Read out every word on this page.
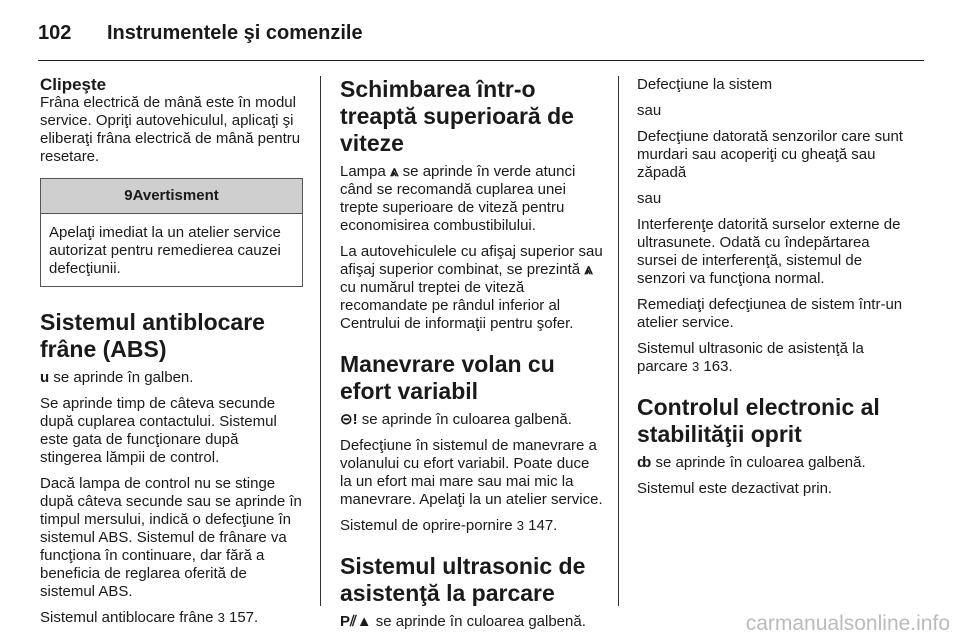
102 Instrumentele şi comenzile
Clipeşte

Frâna electrică de mână este în modul service. Opriţi autovehiculul, aplicaţi şi eliberaţi frâna electrică de mână pentru resetare.

9Avertisment
Apelaţi imediat la un atelier service autorizat pentru remedierea cauzei defecţiunii.
Sistemul antiblocare frâne (ABS)

u se aprinde în galben.

Se aprinde timp de câteva secunde după cuplarea contactului. Sistemul este gata de funcţionare după stingerea lămpii de control.

Dacă lampa de control nu se stinge după câteva secunde sau se aprinde în timpul mersului, indică o defecţiune în sistemul ABS. Sistemul de frânare va funcţiona în continuare, dar fără a beneficia de reglarea oferită de sistemul ABS.

Sistemul antiblocare frâne 3 157.

Schimbarea într-o treaptă superioară de viteze

Lampa ⩓ se aprinde în verde atunci când se recomandă cuplarea unei trepte superioare de viteză pentru economisirea combustibilului.

La autovehiculele cu afişaj superior sau afişaj superior combinat, se prezintă ⩓ cu numărul treptei de viteză recomandate pe rândul inferior al Centrului de informaţii pentru şofer.

Manevrare volan cu efort variabil

⊝! se aprinde în culoarea galbenă.

Defecţiune în sistemul de manevrare a volanului cu efort variabil. Poate duce la un efort mai mare sau mai mic la manevrare. Apelaţi la un atelier service.

Sistemul de oprire-pornire 3 147.

Sistemul ultrasonic de asistenţă la parcare

P⫽▲ se aprinde în culoarea galbenă.

Defecţiune la sistem

sau

Defecţiune datorată senzorilor care sunt murdari sau acoperiţi cu gheaţă sau zăpadă

sau

Interferenţe datorită surselor externe de ultrasunete. Odată cu îndepărtarea sursei de interferenţă, sistemul de senzori va funcţiona normal.

Remediaţi defecţiunea de sistem într-un atelier service.

Sistemul ultrasonic de asistenţă la parcare 3 163.

Controlul electronic al stabilităţii oprit

ȸ se aprinde în culoarea galbenă.

Sistemul este dezactivat prin.

carmanualsonline.info
